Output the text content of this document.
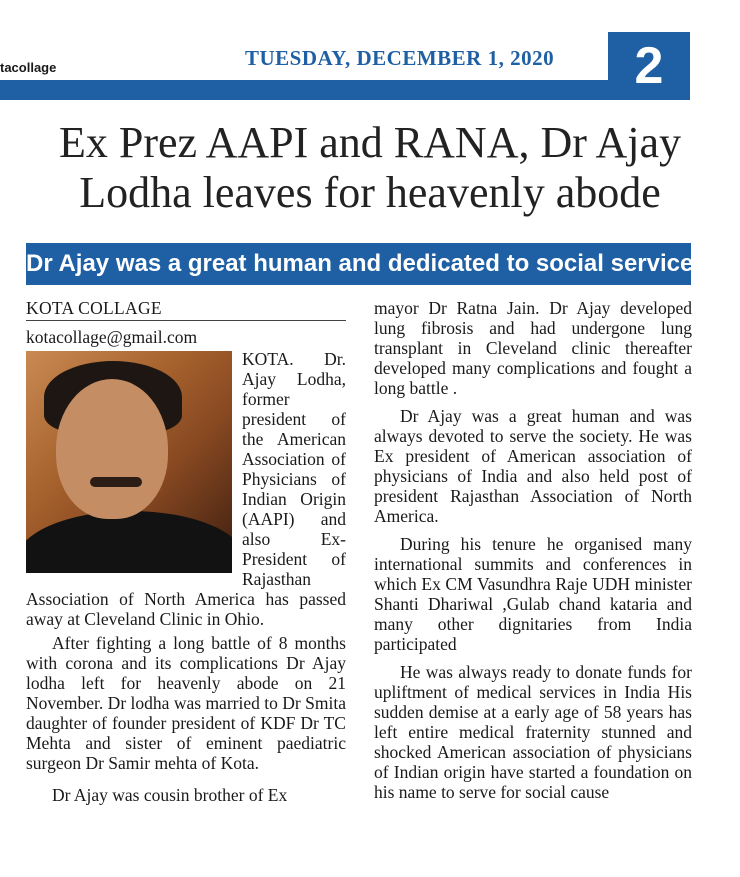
tacollage	TUESDAY, DECEMBER 1, 2020	2
Ex Prez AAPI and RANA, Dr Ajay Lodha leaves for heavenly abode
Dr Ajay was a great human and dedicated to social service
KOTA COLLAGE
kotacollage@gmail.com

KOTA. Dr. Ajay Lodha, former president of the American Association of Physicians of Indian Origin (AAPI) and also Ex-President of Rajasthan Association of North America has passed away at Cleveland Clinic in Ohio.

After fighting a long battle of 8 months with corona and its complications Dr Ajay lodha left for heavenly abode on 21 November. Dr lodha was married to Dr Smita daughter of founder president of KDF Dr TC Mehta and sister of eminent paediatric surgeon Dr Samir mehta of Kota.

Dr Ajay was cousin brother of Ex

mayor Dr Ratna Jain. Dr Ajay developed lung fibrosis and had undergone lung transplant in Cleveland clinic thereafter developed many complications and fought a long battle .

Dr Ajay was a great human and was always devoted to serve the society. He was Ex president of American association of physicians of India and also held post of president Rajasthan Association of North America.

During his tenure he organised many international summits and conferences in which Ex CM Vasundhra Raje UDH minister Shanti Dhariwal ,Gulab chand kataria and many other dignitaries from India participated

He was always ready to donate funds for upliftment of medical services in India His sudden demise at a early age of 58 years has left entire medical fraternity stunned and shocked American association of physicians of Indian origin have started a foundation on his name to serve for social cause
